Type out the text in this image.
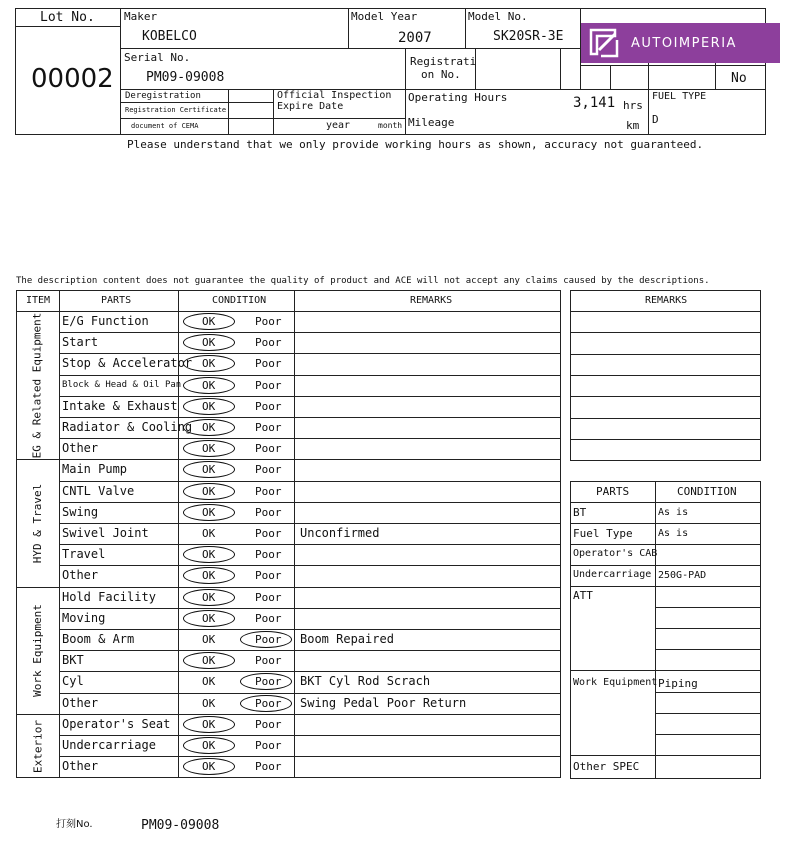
Lot No.
00002
Maker
KOBELCO
Model Year
2007
Model No.
SK20SR-3E
Serial No.
PM09-09008
Registrati
on No.	No
Deregistration
Registration Certificate
document of CEMA
Official Inspection
Expire Date
year	month
Operating Hours	3,141 hrs
Mileage	km
FUEL TYPE
D
AUTOIMPERIA
Please understand that we only provide working hours as shown, accuracy not guaranteed.
The description content does not guarantee the quality of product and ACE will not accept any claims caused by the descriptions.
ITEM	PARTS	CONDITION	REMARKS
E/G Function	OK	Poor
Start	OK	Poor
Stop & Accelerator OK	Poor
Block & Head & Oil Pan OK	Poor
Intake & Exhaust OK	Poor
Radiator & Cooling OK	Poor
Other	OK	Poor
EG & Related Equipment
Main Pump	OK	Poor
CNTL Valve	OK	Poor
Swing	OK	Poor
Swivel Joint	OK	Poor Unconfirmed
Travel	OK	Poor
Other	OK	Poor
HYD & Travel
Hold Facility	OK	Poor
Moving	OK	Poor
Boom & Arm	OK	Poor Boom Repaired
BKT	OK	Poor
Cyl	OK	Poor BKT Cyl Rod Scrach
Other	OK	Poor Swing Pedal Poor Return
Work Equipment
Operator's Seat	OK	Poor
Undercarriage	OK	Poor
Other	OK	Poor
Exterior
REMARKS
PARTS	CONDITION
BT	As is
Fuel Type	As is
Operator's CAB
Undercarriage 250G-PAD
ATT
Work Equipment Piping
Other SPEC
打刻No.	PM09-09008
